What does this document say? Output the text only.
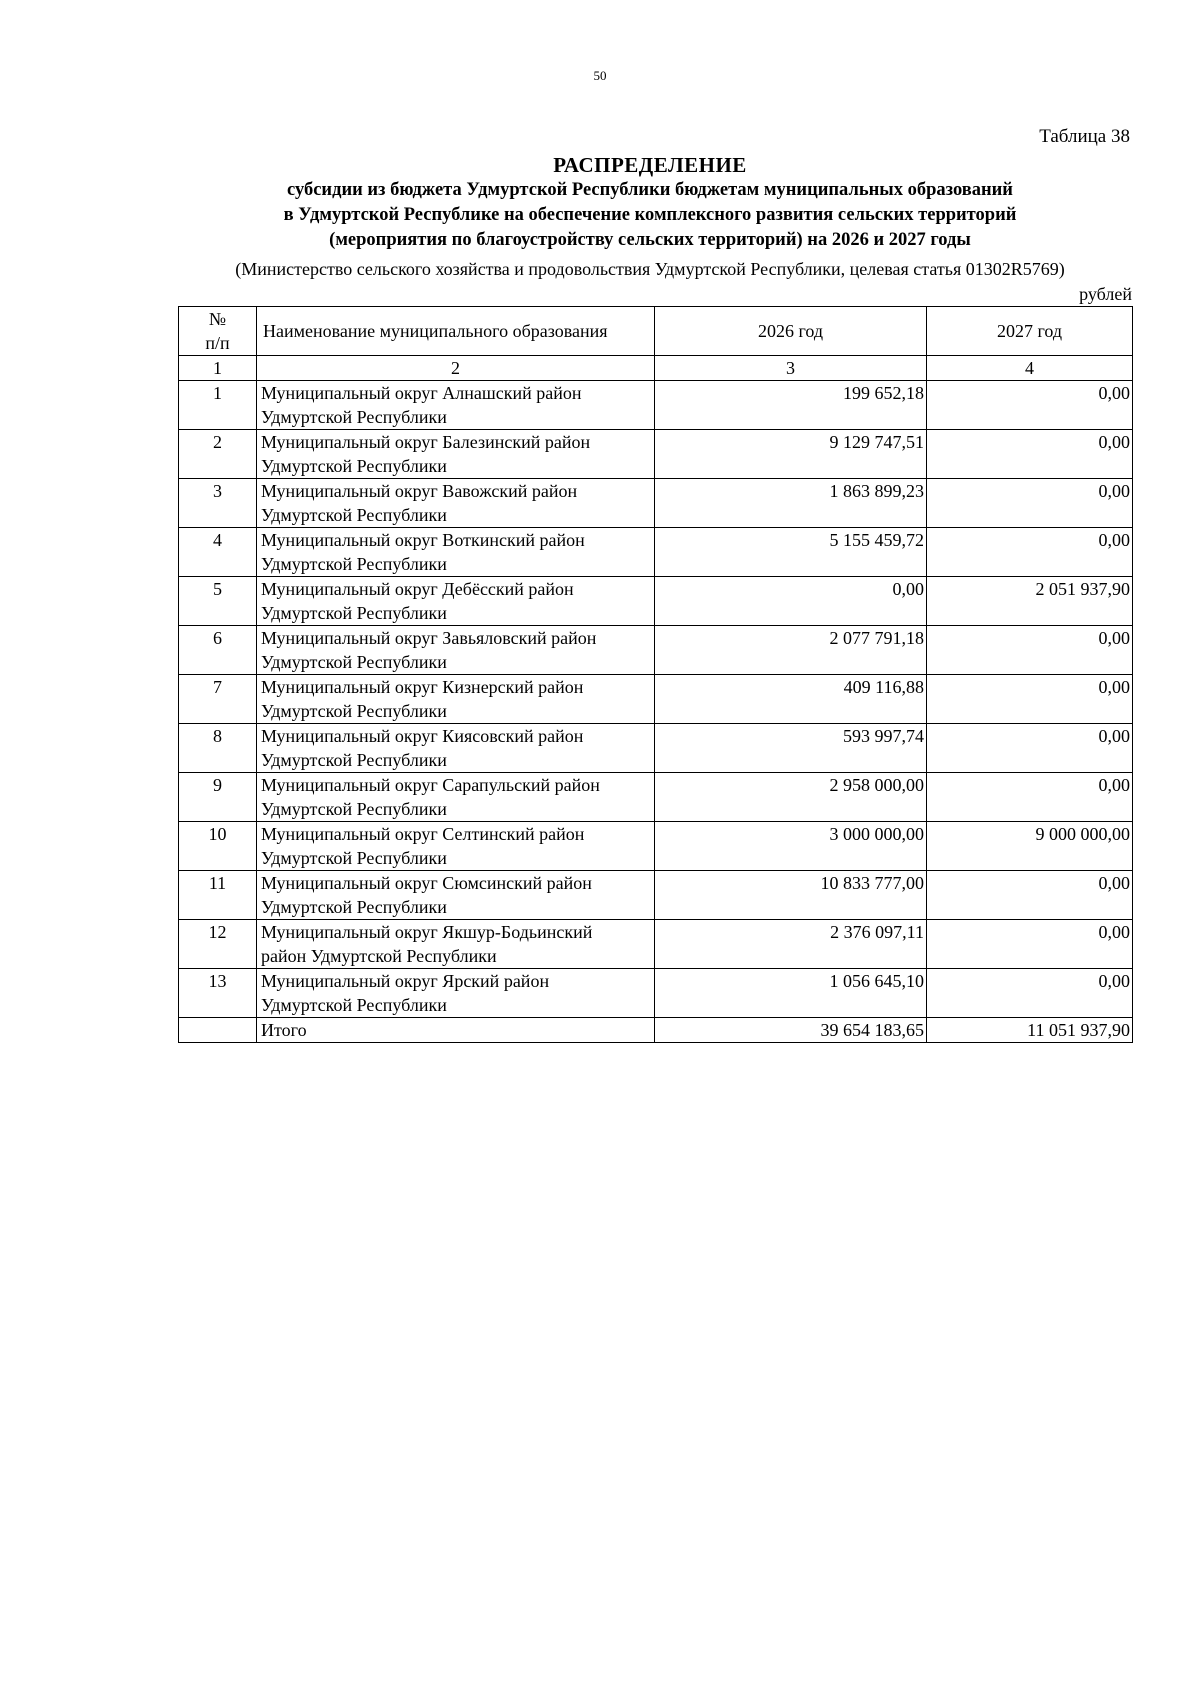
50
Таблица 38
РАСПРЕДЕЛЕНИЕ
субсидии из бюджета Удмуртской Республики бюджетам муниципальных образований
в Удмуртской Республике на обеспечение комплексного развития сельских территорий
(мероприятия по благоустройству сельских территорий) на 2026 и 2027 годы
(Министерство сельского хозяйства и продовольствия Удмуртской Республики, целевая статья 01302R5769)
рублей
№
п/п	Наименование муниципального образования	2026 год	2027 год
1	2	3	4
1	Муниципальный округ Алнашский район
Удмуртской Республики	199 652,18	0,00
2	Муниципальный округ Балезинский район
Удмуртской Республики	9 129 747,51	0,00
3	Муниципальный округ Вавожский район
Удмуртской Республики	1 863 899,23	0,00
4	Муниципальный округ Воткинский район
Удмуртской Республики	5 155 459,72	0,00
5	Муниципальный округ Дебёсский район
Удмуртской Республики	0,00	2 051 937,90
6	Муниципальный округ Завьяловский район
Удмуртской Республики	2 077 791,18	0,00
7	Муниципальный округ Кизнерский район
Удмуртской Республики	409 116,88	0,00
8	Муниципальный округ Киясовский район
Удмуртской Республики	593 997,74	0,00
9	Муниципальный округ Сарапульский район
Удмуртской Республики	2 958 000,00	0,00
10	Муниципальный округ Селтинский район
Удмуртской Республики	3 000 000,00	9 000 000,00
11	Муниципальный округ Сюмсинский район
Удмуртской Республики	10 833 777,00	0,00
12	Муниципальный округ Якшур-Бодьинский
район Удмуртской Республики	2 376 097,11	0,00
13	Муниципальный округ Ярский район
Удмуртской Республики	1 056 645,10	0,00
	Итого	39 654 183,65	11 051 937,90
